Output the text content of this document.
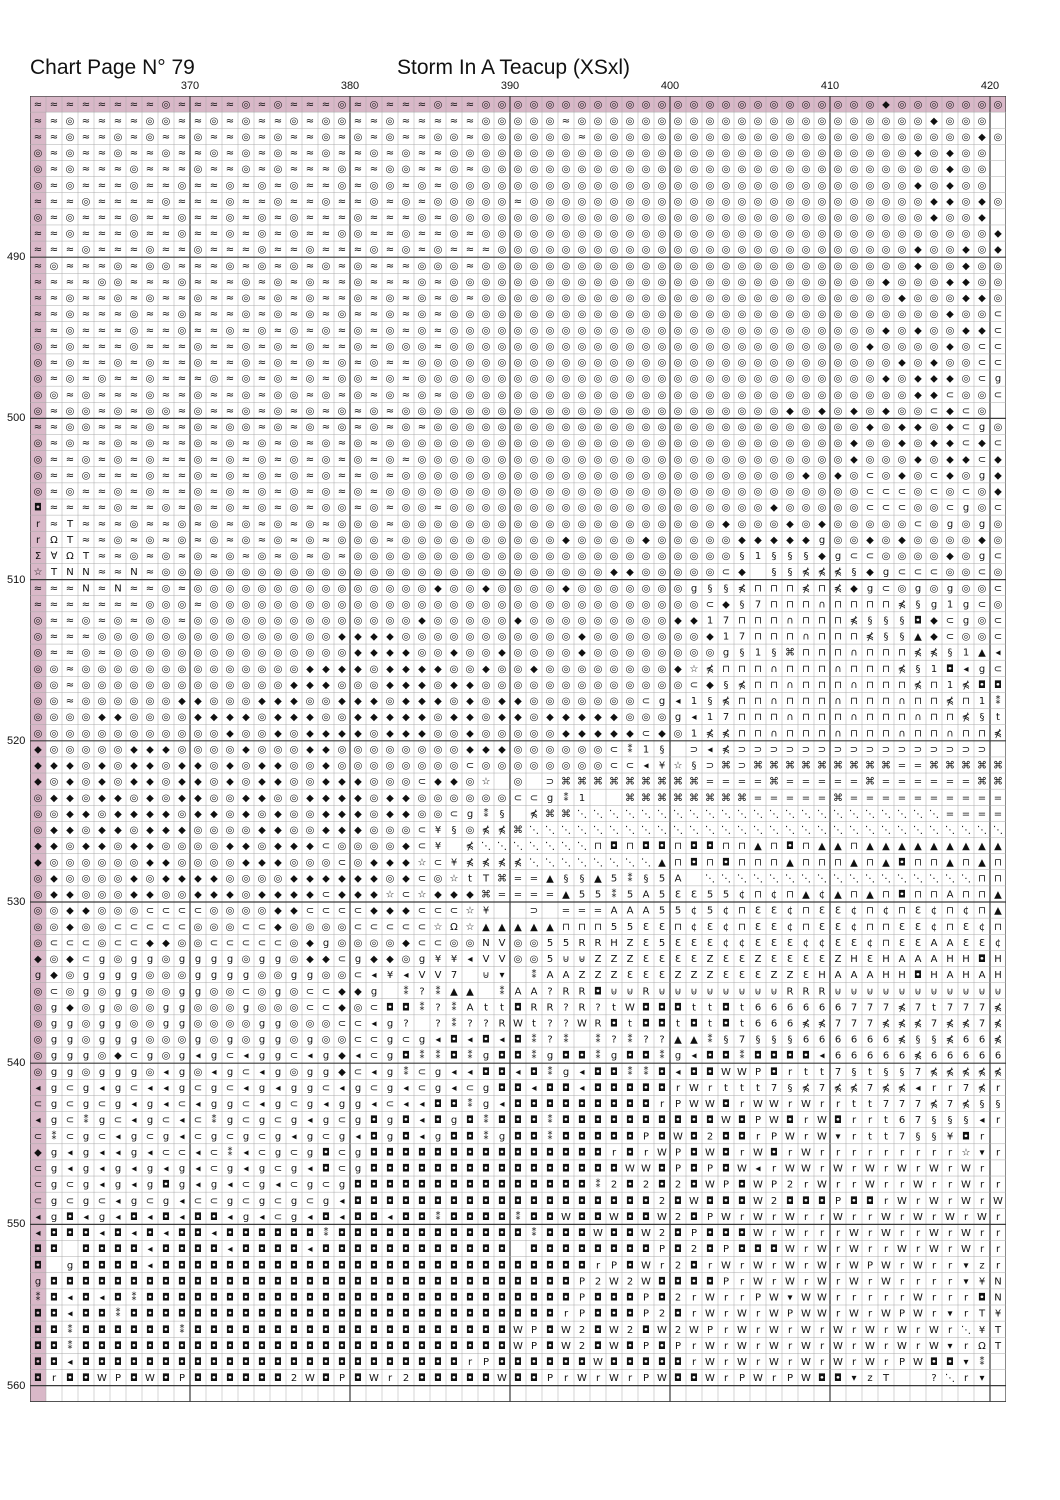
Chart Page N° 79	Storm In A Teacup (XSxl)
370	380	390	400	410	420
490
500
510
520
530
540
550
560
≈ ≈ ≈ ≈ ≈ ≈ ≈ ≈ ◎ ≈ ≈ ≈ ≈ ◎ ≈ ◎ ≈ ≈ ≈ ◎ ≈ ◎ ≈ ≈ ≈ ◎ ≈ ≈ ◎ ◎ ◎ ◎ ◎ ◎ ◎ ◎ ◎ ◎ ◎ ◎ ◎ ◎ ◎ ◎ ◎ ◎ ◎ ◎ ◎ ◎ ◎ ◎ ◎ ◆ ◎ ◎ ◎ ◎ ◎ ◎ ◎
≈ ≈ ◎ ≈ ≈ ≈ ≈ ◎ ◎ ≈ ≈ ◎ ≈ ◎ ≈ ≈ ◎ ≈ ◎ ◎ ≈ ≈ ◎ ≈ ≈ ≈ ≈ ≈ ◎ ◎ ◎ ◎ ◎ ≈ ◎ ◎ ◎ ◎ ◎ ◎ ◎ ◎ ◎ ◎ ◎ ◎ ◎ ◎ ◎ ◎ ◎ ◎ ◎ ◎ ◎ ◎ ◆ ◎ ◎ ◎
≈ ≈ ◎ ≈ ≈ ◎ ≈ ◎ ≈ ≈ ◎ ≈ ≈ ◎ ≈ ◎ ≈ ≈ ◎ ≈ ◎ ≈ ◎ ≈ ≈ ◎ ◎ ≈ ◎ ◎ ◎ ◎ ◎ ◎ ≈ ◎ ◎ ◎ ◎ ◎ ◎ ◎ ◎ ◎ ◎ ◎ ◎ ◎ ◎ ◎ ◎ ◎ ◎ ◎ ◎ ◎ ◎ ◎ ◎ ◆ ◎
◎ ≈ ◎ ≈ ≈ ◎ ≈ ≈ ◎ ≈ ≈ ◎ ≈ ◎ ≈ ◎ ≈ ≈ ◎ ≈ ≈ ◎ ≈ ◎ ≈ ≈ ◎ ◎ ◎ ◎ ◎ ◎ ◎ ◎ ◎ ◎ ◎ ◎ ◎ ◎ ◎ ◎ ◎ ◎ ◎ ◎ ◎ ◎ ◎ ◎ ◎ ◎ ◎ ◎ ◎ ◆ ◎ ◆ ◎ ◎
◎ ≈ ◎ ≈ ≈ ≈ ◎ ≈ ≈ ≈ ◎ ≈ ≈ ◎ ≈ ◎ ≈ ≈ ≈ ◎ ≈ ≈ ◎ ◎ ≈ ≈ ◎ ≈ ◎ ◎ ◎ ◎ ◎ ◎ ◎ ◎ ◎ ◎ ◎ ◎ ◎ ◎ ◎ ◎ ◎ ◎ ◎ ◎ ◎ ◎ ◎ ◎ ◎ ◎ ◎ ◎ ◎ ◆ ◎ ◎
◎ ≈ ◎ ≈ ≈ ≈ ◎ ≈ ≈ ◎ ≈ ≈ ◎ ≈ ◎ ≈ ◎ ≈ ≈ ◎ ≈ ◎ ◎ ≈ ◎ ≈ ◎ ◎ ◎ ◎ ◎ ◎ ◎ ◎ ◎ ◎ ◎ ◎ ◎ ◎ ◎ ◎ ◎ ◎ ◎ ◎ ◎ ◎ ◎ ◎ ◎ ◎ ◎ ◎ ◎ ◆ ◎ ◆ ◎ ◎
≈ ≈ ≈ ◎ ≈ ≈ ≈ ≈ ◎ ≈ ≈ ≈ ◎ ≈ ≈ ◎ ≈ ≈ ◎ ≈ ≈ ◎ ≈ ◎ ≈ ◎ ◎ ◎ ◎ ◎ ≈ ◎ ◎ ◎ ◎ ◎ ◎ ◎ ◎ ◎ ◎ ◎ ◎ ◎ ◎ ◎ ◎ ◎ ◎ ◎ ◎ ◎ ◎ ◎ ◎ ◎ ◆ ◆ ◎ ◆ ◎
◎ ≈ ◎ ≈ ≈ ≈ ◎ ≈ ≈ ◎ ≈ ≈ ◎ ≈ ◎ ≈ ◎ ≈ ≈ ≈ ◎ ≈ ≈ ≈ ◎ ≈ ◎ ◎ ◎ ◎ ◎ ◎ ◎ ◎ ◎ ◎ ◎ ◎ ◎ ◎ ◎ ◎ ◎ ◎ ◎ ◎ ◎ ◎ ◎ ◎ ◎ ◎ ◎ ◎ ◎ ◎ ◆ ◎ ◎ ◆
≈ ≈ ◎ ≈ ≈ ≈ ◎ ≈ ≈ ◎ ≈ ≈ ◎ ≈ ◎ ≈ ◎ ≈ ≈ ◎ ◎ ≈ ≈ ◎ ≈ ≈ ◎ ≈ ◎ ◎ ◎ ◎ ◎ ◎ ◎ ◎ ◎ ◎ ◎ ◎ ◎ ◎ ◎ ◎ ◎ ◎ ◎ ◎ ◎ ◎ ◎ ◎ ◎ ◎ ◎ ◎ ◎ ◎ ◎ ◎ ◆
≈ ≈ ≈ ◎ ≈ ≈ ≈ ◎ ≈ ≈ ◎ ≈ ≈ ≈ ◎ ≈ ≈ ◎ ≈ ≈ ≈ ◎ ≈ ◎ ≈ ◎ ≈ ≈ ≈ ◎ ◎ ◎ ◎ ◎ ◎ ◎ ◎ ◎ ◎ ◎ ◎ ◎ ◎ ◎ ◎ ◎ ◎ ◎ ◎ ◎ ◎ ◎ ◎ ◎ ◎ ◆ ◎ ◎ ◆ ◎ ◆
≈ ◎ ≈ ≈ ≈ ◎ ≈ ◎ ◎ ≈ ≈ ≈ ◎ ≈ ◎ ≈ ◎ ≈ ◎ ≈ ◎ ≈ ≈ ≈ ◎ ◎ ◎ ≈ ◎ ◎ ◎ ◎ ◎ ◎ ◎ ◎ ◎ ◎ ◎ ◎ ◎ ◎ ◎ ◎ ◎ ◎ ◎ ◎ ◎ ◎ ◎ ◎ ◎ ◎ ◎ ◆ ◎ ◎ ◆ ◎ ◎
≈ ≈ ≈ ≈ ◎ ◎ ≈ ≈ ≈ ◎ ≈ ≈ ≈ ◎ ≈ ◎ ≈ ◎ ≈ ≈ ◎ ≈ ≈ ≈ ◎ ≈ ◎ ◎ ◎ ◎ ◎ ◎ ◎ ◎ ◎ ◎ ◎ ◎ ◎ ◎ ◎ ◎ ◎ ◎ ◎ ◎ ◎ ◎ ◎ ◎ ◎ ◎ ◎ ◆ ◎ ◎ ◎ ◆ ◆ ◎ ◎
≈ ≈ ◎ ≈ ≈ ◎ ≈ ◎ ≈ ≈ ◎ ≈ ≈ ◎ ≈ ◎ ≈ ◎ ≈ ≈ ◎ ≈ ◎ ≈ ◎ ≈ ◎ ≈ ◎ ◎ ◎ ◎ ◎ ◎ ◎ ◎ ◎ ◎ ◎ ◎ ◎ ◎ ◎ ◎ ◎ ◎ ◎ ◎ ◎ ◎ ◎ ◎ ◎ ◎ ◆ ◎ ◎ ◎ ◆ ◆ ◎
≈ ≈ ◎ ≈ ≈ ≈ ◎ ≈ ≈ ◎ ≈ ≈ ≈ ◎ ≈ ◎ ≈ ◎ ≈ ◎ ≈ ≈ ◎ ≈ ◎ ≈ ◎ ◎ ◎ ◎ ◎ ◎ ◎ ◎ ◎ ◎ ◎ ◎ ◎ ◎ ◎ ◎ ◎ ◎ ◎ ◎ ◎ ◎ ◎ ◎ ◎ ◎ ◎ ◎ ◎ ◎ ◎ ◆ ◎ ◎ ⊂
≈ ≈ ◎ ≈ ≈ ≈ ◎ ≈ ≈ ◎ ≈ ≈ ◎ ≈ ◎ ≈ ◎ ≈ ◎ ≈ ◎ ≈ ◎ ≈ ◎ ≈ ◎ ◎ ◎ ◎ ◎ ◎ ◎ ◎ ◎ ◎ ◎ ◎ ◎ ◎ ◎ ◎ ◎ ◎ ◎ ◎ ◎ ◎ ◎ ◎ ◎ ◎ ◎ ◆ ◎ ◆ ◎ ◎ ◆ ◆ ⊂
◎ ≈ ◎ ≈ ≈ ≈ ◎ ≈ ≈ ≈ ◎ ≈ ≈ ◎ ≈ ◎ ≈ ◎ ≈ ≈ ◎ ≈ ◎ ◎ ◎ ≈ ◎ ◎ ◎ ◎ ◎ ◎ ◎ ◎ ◎ ◎ ◎ ◎ ◎ ◎ ◎ ◎ ◎ ◎ ◎ ◎ ◎ ◎ ◎ ◎ ◎ ◎ ◆ ◎ ◎ ◎ ◎ ◆ ◎ ⊂ ⊂
◎ ≈ ◎ ≈ ≈ ◎ ≈ ◎ ≈ ≈ ◎ ≈ ≈ ◎ ≈ ◎ ≈ ◎ ≈ ◎ ≈ ◎ ≈ ≈ ◎ ◎ ◎ ◎ ◎ ◎ ◎ ◎ ◎ ◎ ◎ ◎ ◎ ◎ ◎ ◎ ◎ ◎ ◎ ◎ ◎ ◎ ◎ ◎ ◎ ◎ ◎ ◎ ◎ ◎ ◆ ◎ ◆ ◎ ◎ ⊂ ⊂
◎ ≈ ◎ ≈ ◎ ≈ ≈ ◎ ≈ ≈ ≈ ◎ ≈ ◎ ≈ ◎ ≈ ◎ ≈ ◎ ◎ ≈ ◎ ≈ ◎ ◎ ◎ ◎ ◎ ◎ ◎ ◎ ◎ ◎ ◎ ◎ ◎ ◎ ◎ ◎ ◎ ◎ ◎ ◎ ◎ ◎ ◎ ◎ ◎ ◎ ◎ ◎ ◎ ◆ ◎ ◆ ◆ ◆ ◎ ⊂ g
◎ ◎ ≈ ◎ ≈ ≈ ≈ ◎ ≈ ≈ ◎ ≈ ≈ ◎ ≈ ◎ ◎ ≈ ◎ ≈ ◎ ≈ ◎ ≈ ◎ ≈ ◎ ◎ ◎ ◎ ◎ ◎ ◎ ◎ ◎ ◎ ◎ ◎ ◎ ◎ ◎ ◎ ◎ ◎ ◎ ◎ ◎ ◎ ◎ ◎ ◎ ◎ ◎ ◎ ◎ ◆ ◆ ⊂ ◎ ◎ ⊂
◎ ≈ ◎ ◎ ≈ ◎ ≈ ◎ ◎ ≈ ◎ ≈ ≈ ◎ ≈ ◎ ≈ ◎ ≈ ◎ ≈ ◎ ≈ ◎ ◎ ◎ ◎ ◎ ◎ ◎ ◎ ◎ ◎ ◎ ◎ ◎ ◎ ◎ ◎ ◎ ◎ ◎ ◎ ◎ ◎ ◎ ◎ ◆ ◎ ◆ ◎ ◆ ◎ ◆ ◎ ◎ ⊂ ◆ ⊂ ◎
≈ ≈ ◎ ◎ ≈ ≈ ≈ ◎ ≈ ≈ ◎ ≈ ◎ ◎ ≈ ◎ ≈ ◎ ≈ ◎ ≈ ◎ ≈ ◎ ≈ ◎ ◎ ◎ ◎ ◎ ◎ ◎ ◎ ◎ ◎ ◎ ◎ ◎ ◎ ◎ ◎ ◎ ◎ ◎ ◎ ◎ ◎ ◎ ◎ ◎ ◎ ◎ ◆ ◎ ◆ ◆ ◎ ◆ ⊂ g ◎
◎ ≈ ◎ ≈ ≈ ◎ ≈ ◎ ≈ ≈ ◎ ≈ ◎ ≈ ◎ ≈ ◎ ≈ ◎ ≈ ◎ ≈ ◎ ◎ ◎ ◎ ◎ ◎ ◎ ◎ ◎ ◎ ◎ ◎ ◎ ◎ ◎ ◎ ◎ ◎ ◎ ◎ ◎ ◎ ◎ ◎ ◎ ◎ ◎ ◎ ◎ ◆ ◎ ◎ ◆ ◎ ◆ ◆ ⊂ ◆ ⊂
◎ ≈ ≈ ◎ ≈ ◎ ≈ ◎ ≈ ≈ ◎ ≈ ◎ ≈ ◎ ≈ ◎ ≈ ◎ ≈ ◎ ≈ ◎ ≈ ◎ ◎ ◎ ◎ ◎ ◎ ◎ ◎ ◎ ◎ ◎ ◎ ◎ ◎ ◎ ◎ ◎ ◎ ◎ ◎ ◎ ◎ ◎ ◎ ◎ ◎ ◎ ◆ ◎ ◎ ◎ ◆ ◎ ◆ ◆ ⊂ ◆
◎ ≈ ≈ ◎ ≈ ≈ ≈ ◎ ≈ ≈ ◎ ≈ ◎ ≈ ◎ ≈ ◎ ≈ ◎ ≈ ≈ ◎ ≈ ◎ ◎ ◎ ◎ ◎ ◎ ◎ ◎ ◎ ◎ ◎ ◎ ◎ ◎ ◎ ◎ ◎ ◎ ◎ ◎ ◎ ◎ ◎ ◎ ◎ ◆ ◎ ◆ ◎ ⊂ ◎ ◆ ◎ ⊂ ◆ ◎ g ◆
◎ ≈ ◎ ≈ ≈ ◎ ≈ ◎ ≈ ≈ ◎ ≈ ◎ ≈ ◎ ≈ ◎ ≈ ◎ ≈ ◎ ≈ ◎ ◎ ◎ ◎ ◎ ◎ ◎ ◎ ◎ ◎ ◎ ◎ ◎ ◎ ◎ ◎ ◎ ◎ ◎ ◎ ◎ ◎ ◎ ◎ ◎ ◎ ◎ ◎ ◎ ◎ ⊂ ⊂ ⊂ ◎ ⊂ ◎ ⊂ ◎ ◆
◘ ≈ ≈ ≈ ≈ ◎ ≈ ≈ ◎ ≈ ◎ ≈ ◎ ≈ ◎ ≈ ◎ ≈ ◎ ◎ ≈ ◎ ≈ ◎ ◎ ≈ ◎ ◎ ◎ ◎ ◎ ◎ ◎ ◎ ◎ ◎ ◎ ◎ ◎ ◎ ◎ ◎ ◎ ◎ ◎ ◎ ◆ ◎ ◎ ◎ ◎ ◎ ⊂ ⊂ ⊂ ◎ ◎ ⊂ g ◎ ⊂
r ≈ T ≈ ≈ ≈ ◎ ≈ ≈ ◎ ≈ ◎ ≈ ◎ ≈ ◎ ≈ ◎ ≈ ◎ ◎ ◎ ≈ ◎ ◎ ◎ ◎ ◎ ◎ ◎ ◎ ◎ ◎ ◎ ◎ ◎ ◎ ◎ ◎ ◎ ◎ ◎ ◎ ◆ ◎ ◎ ◎ ◆ ◎ ◆ ◎ ◎ ◎ ◎ ◎ ⊂ ◎ g ◎ g ◎
r Ω T ≈ ≈ ◎ ≈ ◎ ≈ ◎ ≈ ◎ ≈ ◎ ≈ ◎ ≈ ◎ ≈ ◎ ◎ ◎ ≈ ◎ ◎ ◎ ◎ ◎ ◎ ◎ ◎ ◎ ◎ ◆ ◎ ◎ ◎ ◎ ◆ ◎ ◎ ◎ ◎ ◎ ◆ ◆ ◆ ◆ ◆ g ◎ ◎ ◆ ◎ ◆ ◎ ◎ ◎ ◎ ◆ ◎
Σ ∀ Ω T ≈ ≈ ◎ ≈ ◎ ≈ ◎ ≈ ◎ ≈ ◎ ≈ ◎ ≈ ◎ ≈ ◎ ◎ ◎ ◎ ◎ ◎ ◎ ◎ ◎ ◎ ◎ ◎ ◎ ◎ ◎ ◎ ◎ ◎ ◎ ◎ ◎ ◎ ◎ ◎ § 1 § § § ◆ g ⊂ ⊂ ◎ ◎ ◎ ◎ ◆ ◎ g ⊂
☆ T N N ≈ ≈ N ≈ ◎ ◎ ◎ ◎ ◎ ◎ ◎ ◎ ◎ ◎ ◎ ◎ ◎ ◎ ◎ ◎ ◎ ◎ ◎ ◎ ◎ ◎ ◎ ◎ ◎ ◎ ◎ ◎ ◆ ◆ ◎ ◎ ◎ ◎ ◎ ⊂ ◆	§ § ⋠ ⋠ ⋠ § ◆ g ⊂ ⊂ ⊂ ◎ ◎ ⊂ ◎
≈ ≈ ≈ N ≈ N ≈ ≈ ◎ ≈ ◎ ◎ ◎ ◎ ◎ ◎ ◎ ◎ ◎ ◎ ◎ ◎ ◎ ◎ ◎ ◆ ◎ ◎ ◆ ◎ ◎ ◎ ◎ ◆ ◎ ◎ ◎ ◎ ◎ ◎ ◎ g § § ⋠ ⊓ ⊓ ⊓ ⋠ ⊓ ⋠ ◆ g ⊂ ◎ g ◎ g ◎ ◎ ⊂
≈ ≈ ≈ ≈ ≈ ≈ ≈ ◎ ◎ ◎ ≈ ◎ ◎ ◎ ◎ ◎ ◎ ◎ ◎ ◎ ◎ ◎ ◎ ◎ ◎ ◎ ◎ ◎ ◎ ◎ ◎ ◎ ◎ ◎ ◎ ◎ ◎ ◎ ◎ ◎ ◎ ◎ ⊂ ◆ § 7 ⊓ ⊓ ⊓ ∩ ⊓ ⊓ ⊓ ⊓ ⋠ § g 1 g ⊂ ◎
◎ ≈ ≈ ◎ ≈ ◎ ≈ ◎ ◎ ≈ ◎ ◎ ◎ ◎ ◎ ◎ ◎ ◎ ◎ ◎ ◎ ◎ ◎ ◎ ◆ ◎ ◎ ◎ ◎ ◎ ◆ ◎ ◎ ◎ ◎ ◎ ◎ ◎ ◎ ◎ ◆ ◆ 1 7 ⊓ ⊓ ⊓ ∩ ⊓ ⊓ ⊓ ⋠ § § § ◘ ◆ ⊂ g ◎ ⊂
◎ ≈ ≈ ≈ ◎ ◎ ◎ ◎ ◎ ◎ ◎ ◎ ◎ ◎ ◎ ◎ ◎ ◎ ◎ ◆ ◆ ◆ ◆ ◎ ◎ ◎ ◎ ◎ ◎ ◎ ◎ ◎ ◎ ◎ ◆ ◎ ◎ ◎ ◎ ◎ ◎ ◎ ◆ 1 7 ⊓ ⊓ ⊓ ∩ ⊓ ⊓ ⊓ ⋠ § § ▲ ◆ ⊂ ◎ ◎ ⊂
◎ ≈ ≈ ◎ ≈ ◎ ◎ ◎ ◎ ◎ ◎ ◎ ◎ ◎ ◎ ◎ ◎ ◎ ◎ ◎ ◆ ◆ ◆ ◆ ◎ ◎ ◆ ◎ ◎ ◆ ◎ ◎ ◎ ◎ ◆ ◎ ◎ ◎ ◎ ◎ ◎ ◎ ◎ g § 1 § ⌘ ⊓ ⊓ ⊓ ∩ ⊓ ⊓ ⊓ ⋠ ⋠ § 1 ▲ ◂
◎ ◎ ≈ ◎ ◎ ◎ ◎ ◎ ◎ ◎ ◎ ◎ ◎ ◎ ◎ ◎ ◎ ◆ ◆ ◆ ◆ ◎ ◆ ◆ ◆ ◆ ◎ ◎ ◆ ◎ ◎ ◆ ◎ ◎ ◎ ◎ ◎ ◎ ◎ ◎ ◆ ☆ ⋠ ⊓ ⊓ ⊓ ∩ ⊓ ⊓ ⊓ ∩ ⊓ ⊓ ⊓ ⋠ § 1 ◘ ◂ g ⊂
◎ ◎ ≈ ◎ ◎ ◎ ◎ ◎ ◎ ◎ ◎ ◎ ◎ ◎ ◎ ◎ ◆ ◆ ◆ ◎ ◎ ◎ ◆ ◆ ◆ ◎ ◆ ◆ ◎ ◎ ◎ ◎ ◎ ◎ ◎ ◎ ◎ ◎ ◎ ◎ ◎ ⊂ ◆ § ⋠ ⊓ ⊓ ∩ ⊓ ⊓ ⊓ ∩ ⊓ ⊓ ⊓ ⋠ ⊓ 1 ⋠ ◘ ◘
◎ ◎ ≈ ◎ ◎ ◎ ◎ ◎ ◎ ◆ ◆ ◎ ◎ ◎ ◆ ◆ ◆ ◎ ◎ ◆ ◆ ◆ ◎ ◆ ◆ ◆ ◎ ◆ ◎ ◆ ◆ ◎ ◎ ◎ ◎ ◎ ◎ ◎ ⊂ g ◂ 1 § ⋠ ⊓ ⊓ ∩ ⊓ ⊓ ⊓ ∩ ⊓ ⊓ ⊓ ∩ ⊓ ⊓ ⋠ ⊓ 1 ⁑
◎ ◎ ◎ ◎ ◆ ◆ ◎ ◎ ◎ ◎ ◆ ◆ ◆ ◆ ◎ ◆ ◆ ◆ ◎ ◎ ◆ ◆ ◆ ◆ ◆ ◎ ◆ ◆ ◎ ◆ ◆ ◎ ◆ ◆ ◆ ◆ ◆ ◎ ◎ ◎ g ◂ 1 7 ⊓ ⊓ ⊓ ∩ ⊓ ⊓ ⊓ ∩ ⊓ ⊓ ⊓ ∩ ⊓ ⊓ ⋠ § t
◎ ◎ ◎ ◎ ◎ ◎ ◎ ◎ ◎ ◎ ◎ ◎ ◆ ◎ ◎ ◆ ◎ ◆ ◆ ◆ ◆ ◎ ◆ ◆ ◆ ◎ ◎ ◆ ◎ ◎ ◎ ◎ ◎ ◆ ◆ ◆ ◆ ◆ ⊂ ◆ ◎ 1 ⋠ ⋠ ⊓ ⊓ ∩ ⊓ ⊓ ⊓ ∩ ⊓ ⊓ ⊓ ∩ ⊓ ⊓ ∩ ⊓ ⊓ ⋠
◆ ◎ ◎ ◎ ◎ ◎ ◆ ◆ ◆ ◎ ◎ ◎ ◎ ◆ ◎ ◎ ◎ ◆ ◆ ◎ ◎ ◎ ◎ ◎ ◎ ◎ ◎ ◆ ◆ ◆ ◎ ◎ ◎ ◎ ◎ ◎ ⊂ ⁑ 1 §	⊃ ◂ ⋠ ⊃ ⊃ ⊃ ⊃ ⊃ ⊃ ⊃ ⊃ ⊃ ⊃ ⊃ ⊃ ⊃ ⊃ ⊃ ⊃
◆ ◆ ◆ ◎ ◆ ◎ ◆ ◆ ◎ ◆ ◆ ◎ ◆ ◎ ◆ ◆ ◎ ◎ ◆ ◎ ◎ ◎ ◎ ◎ ◎ ◎ ◎ ⊂ ◎ ◎ ◎ ◎ ◎ ◎ ◎ ◎ ⊂ ⊂ ◂ ¥ ☆ § ⊃ ⌘ ⊃ ⌘ ⌘ ⌘ ⌘ ⌘ ⌘ ⌘ ⌘ ⌘ = = ⌘ ⌘ ⌘ ⌘ ⌘
◆ ◎ ◆ ◎ ◆ ◎ ◆ ◆ ◎ ◆ ◆ ◎ ◆ ◎ ◆ ◆ ◎ ◎ ◆ ◆ ◆ ◎ ◎ ◎ ⊂ ◆ ◆ ◎ ☆ ◎ ⊃ ⌘ ⌘ ⌘ ⌘ ⌘ ⌘ ⌘ ⌘ ⌘ = = = = ⌘ = = = = = ⌘ = = = = = = ⌘ ⌘
◎ ◆ ◆ ◎ ◆ ◆ ◎ ◆ ◎ ◆ ◆ ◎ ◎ ◆ ◆ ◎ ◎ ◆ ◆ ◆ ◆ ◎ ◆ ◆ ◎ ◎ ◎ ◎ ◎ ◎ ⊂ ⊂ g ⁑ 1	⌘ ⌘ ⌘ ⌘ ⌘ ⌘ ⌘ ⌘ = = = = = ⌘ = = = = = = = = = =
◎ ◎ ◆ ◆ ◎ ◆ ◆ ◆ ◆ ◎ ◆ ◆ ◎ ◆ ◎ ◆ ◎ ◎ ◆ ◆ ◆ ◎ ◆ ◆ ◎ ◎ ⊂ g ⁑ §	⋠ ⌘ ⌘ ⋱ ⋱ ⋱ ⋱ ⋱ ⋱ ⋱ ⋱ ⋱ ⋱ ⋱ ⋱ ⋱ ⋱ ⋱ ⋱ ⋱ ⋱ ⋱ ⋱ ⋱ ⋱ ⋱ = = = =
◎ ◆ ◆ ◎ ◆ ◆ ◎ ◆ ◆ ◆ ◎ ◎ ◎ ◎ ◆ ◆ ◎ ◎ ◆ ◆ ◆ ◎ ◎ ◎ ⊂ ¥ § ◎ ⋠ ⋠ ⌘ ⋱ ⋱ ⋱ ⋱ ⋱ ⋱ ⋱ ⋱ ⋱ ⋱ ⋱ ⋱ ⋱ ⋱ ⋱ ⋱ ⋱ ⋱ ⋱ ⋱ ⋱ ⋱ ⋱ ⋱ ⋱ ⋱ ⋱ ⋱ ⋱ ⋱
◆ ◆ ◎ ◆ ◆ ◎ ◆ ◆ ◎ ◎ ◎ ◎ ◆ ◆ ◎ ◆ ◆ ◆ ⊂ ◎ ◎ ◎ ◎ ◆ ⊂ ¥ ⋠ ⋱ ⋱ ⋱ ⋱ ⋱ ⋱ ⋱ ⊓ ◘ ⊓ ◘ ◘ ⊓ ◘ ◘ ⊓ ⊓ ▲ ⊓ ◘ ⊓ ▲ ▲ ⊓ ▲ ▲ ▲ ▲ ▲ ▲ ▲ ▲ ▲
◆ ◎ ◎ ◎ ◎ ◎ ◎ ◆ ◆ ◎ ◎ ◎ ◎ ◆ ◆ ◆ ◎ ◎ ◎ ⊂ ◎ ◆ ◆ ◆ ☆ ⊂ ¥ ⋠ ⋠ ⋠ ⋠ ⋱ ⋱ ⋱ ⋱ ⋱ ⋱ ⋱ ⋱ ▲ ⊓ ◘ ⊓ ◘ ⊓ ⊓ ⊓ ▲ ⊓ ⊓ ⊓ ▲ ⊓ ▲ ◘ ⊓ ⊓ ▲ ⊓ ▲ ⊓
◎ ◆ ◎ ◎ ◎ ◎ ◆ ◎ ◆ ◆ ◆ ◆ ◎ ◎ ◎ ◎ ◆ ◆ ◆ ◆ ◆ ◆ ◎ ◆ ⊂ ◎ ☆ t T ⌘ = = ▲ § § ▲ 5 ⁑ § 5 A ⋱ ⋱ ⋱ ⋱ ⋱ ⋱ ⋱ ⋱ ⋱ ⋱ ⋱ ⋱ ⋱ ⋱ ⋱ ⋱ ⋱ ⊓ ⊓
◎ ◆ ◆ ◎ ◎ ◎ ◆ ◆ ◎ ◎ ◆ ◆ ◆ ◎ ◆ ◆ ◆ ◆ ⊂ ◆ ◆ ◆ ☆ ⊂ ☆ ◆ ◆ ◆ ⌘ = = = = ▲ 5 5 ⁑ 5 A 5 Ɛ Ɛ 5 5 ¢ ⊓ ¢ ⊓ ▲ ¢ ▲ ⊓ ▲ ⊓ ◘ ⊓ ⊓ A ⊓ ⊓ ▲
◎ ◎ ◆ ◆ ◎ ◎ ◎ ⊂ ⊂ ⊂ ⊂ ◎ ◎ ◎ ◎ ◆ ◆ ⊂ ⊂ ⊂ ⊂ ◆ ◆ ◆ ⊂ ⊂ ⊂ ☆ ¥	⊃ = = = A A A 5 5 ¢ 5 ¢ ⊓ Ɛ Ɛ ¢ ⊓ Ɛ Ɛ ¢ ⊓ ¢ ⊓ Ɛ ¢ ⊓ ¢ ⊓ ▲
◎ ◎ ◆ ◎ ◎ ⊂ ⊂ ⊂ ⊂ ⊂ ◎ ◎ ◎ ⊂ ⊂ ◆ ◎ ◎ ◎ ◎ ⊂ ⊂ ⊂ ⊂ ⊂ ☆ Ω ☆ ▲ ▲ ▲ ▲ ▲ ⊓ ⊓ ⊓ 5 5 Ɛ Ɛ ⊓ ¢ Ɛ ¢ ⊓ Ɛ Ɛ ¢ ⊓ Ɛ Ɛ ¢ ⊓ ⊓ Ɛ Ɛ ¢ ⊓ Ɛ ¢ ⊓
◎ ⊂ ⊂ ⊂ ◎ ⊂ ⊂ ◆ ◆ ◎ ◎ ⊂ ⊂ ⊂ ⊂ ⊂ ◎ ◆ g ◎ ◎ ◎ ◎ ◆ ⊂ ⊂ ◎ ◎ N V ◎ ◎ 5 5 R R H Z Ɛ 5 Ɛ Ɛ Ɛ ¢ ¢ Ɛ Ɛ Ɛ ¢ ¢ Ɛ Ɛ ¢ ⊓ Ɛ Ɛ A A Ɛ Ɛ ¢
◆ ◎ ◆ ⊂ g ◎ g g ◎ g g g g ◎ g g ◎ ◆ ◆ ⊂ g ◆ ◆ ◎ g ¥ ¥ ◂ V V ◎ ◎ 5 ⊍ ⊎ Z Z Z Ɛ Ɛ Ɛ Ɛ Z Ɛ Ɛ Z Ɛ Ɛ Ɛ Ɛ Z H Ɛ H A A A H H ◘ H
g ◆ ◎ g g g g ◎ ◎ ◎ g g g g ◎ ◎ g g ◎ ◎ ⊂ ◂ ¥ ◂ V V 7	⊍ ▾	⁑ A A Z Z Z Ɛ Ɛ Ɛ Z Z Z Ɛ Ɛ Ɛ Z Z Ɛ H A A A H H ◘ H A H A H
◎ ⊂ ◎ g ◎ g g ◎ ◎ g g ◎ ◎ ⊂ ◎ g ◎ ⊂ ⊂ ◆ ◆ g	⁑ ? ⁑ ▲ ▲	⁑ A A ? R R ◘ ⊍ ⊍ R ⊍ ⊍ ⊍ ⊍ ⊍ ⊍ ⊍ ⊍ R R R ⊍ ⊍ ⊍ ⊍ ⊍ ⊍ ⊍ ⊍ ⊍ ⊍ ⊍
◎ g ◆ ◎ g ◎ ◎ ◎ g g ◎ ◎ ◎ g ◎ ◎ ◎ ⊂ ⊂ ◆ ◎ ⊂ ◘ ◘ ⁑ ? ⁑ A t t ◘ R R ? R ? t W ◘ ◘ ◘ t t ◘ t 6 6 6 6 6 6 7 7 7 ⋠ 7 t 7 7 7 ⋠
◎ g g ◎ g g ◎ ◎ g g ◎ ◎ ◎ ◎ g g ◎ ◎ ◎ ⊂ ⊂ ◂ g ?	? ⁑ ? ? R W t ? ? W R ◘ t ◘ ◘ t ◘ t ◘ t 6 6 6 ⋠ ⋠ 7 7 7 ⋠ ⋠ ⋠ 7 ⋠ ⋠ 7 ⋠
◎ g g ◎ g g g ◎ ◎ ◎ g ◎ g ◎ g g ◎ g ◎ ◎ ⊂ ⊂ g ⊂ g ◂ ◘ ◂ ◘ ◂ ◘ ⁑ ? ⁑	⁑ ? ⁑ ? ? ▲ ▲ ⁑ § 7 § § § 6 6 6 6 6 6 ⋠ § § ⋠ 6 6 ⋠
◎ g g g ◎ ◆ ⊂ g ◎ g ◂ g ⊂ ◂ g g ⊂ ◂ g ◆ ◂ ⊂ g ◘ ⁑ ⁑ ◘ ⁑ g ◘ ◘ ⁑ g ◘ ◘ ⁑ g ◘ ◘ ⁑ g ◂ ◘ ◘ ⁑ ◘ ◘ ◘ ◘ ◂ 6 6 6 6 6 ⋠ 6 6 6 6 6
◎ g g ◎ g g g ◎ ◂ g ◎ ◂ g ⊂ ◂ g ◎ g g ◆ ⊂ ◂ g ⁑ ⊂ g ◂ ◂ ◘ ◘ ◂ ◘ ⁑ g ◂ ◘ ◘ ⁑ ⁑ ◘ ◂ ◘ ◘ W W P ◘ r t t 7 § t § § 7 ⋠ ⋠ ⋠ ⋠ ⋠
◂ g ⊂ g ◂ g ⊂ ◂ ◂ g ⊂ g ⊂ ◂ g ◂ g g ⊂ ◂ g ⊂ g ◂ ⊂ g ◂ ⊂ g ◘ ◘ ◂ ◘ ◘ ◂ ◘ ◘ ◘ ◘ ◘ r W r t t t 7 § ⋠ 7 ⋠ ⋠ 7 ⋠ ⋠ ◂ r r 7 ⋠ r
⊂ g ⊂ g ⊂ g ◂ g ◂ ⊂ ◂ g g ⊂ ◂ g ⊂ g ◂ g g ◂ ⊂ ◂ ◂ ◘ ◘ ⁑ g ◂ ◘ ◘ ◘ ◘ ◘ ◘ ◘ ◘ ◘ r P W W ◘ r W W r W r r t t 7 7 7 ⋠ 7 ⋠ § §
◂ g ⊂ ⁑ g ⊂ ◂ g ⊂ ◂ ⊂ ⁑ g ⊂ g ⊂ g ◂ g ⊂ g ◘ g ◘ ◂ ◘ g ◘ ⁑ ◘ ◘ ◘ ⁑ ◘ ◘ ◘ ◘ ◘ ◘ ◘ ◘ ◘ ◘ W ◘ P W ◘ r W ◘ r r t 6 7 § § § ◂ r
⊂ ⁑ ⊂ g ⊂ ◂ g ⊂ g ◂ ⊂ g ⊂ g ⊂ g ◂ g ⊂ g ◂ ◘ g ◘ ◂ g ◘ ◘ ⁑ g ◘ ◘ ⁑ ◘ ◘ ◘ ◘ ◘ P ◘ W ◘ 2 ◘ ◘ r P W r W ▾ r t t 7 § § ¥ ◘ r
◆ g ◂ g ◂ ◂ g ◂ ⊂ ⊂ ◂ ⊂ ⁑ ◂ ⊂ g ⊂ g ◘ ⊂ g ◘ ◘ ◘ ◘ ◘ ◘ ◘ ◘ ◘ ◘ ◘ ◘ ◘ ◘ ◘ r ◘ r W P ◘ W ◘ r W ◘ r W r r r r r r r r r ☆ ▾ r
⊂ g ◂ g ◂ g ◂ g ◂ g ◂ ⊂ g ◂ g ⊂ g ◂ ◘ ⊂ g ◘ ◘ ◘ ◘ ◘ ◘ ◘ ◘ ◘ ◘ ◘ ◘ ◘ ◘ ◘ ◘ W W ◘ P ◘ P ◘ W ◂ r W W r W r W r W r W r W r
⊂ g ⊂ g ◂ g ◂ g ◘ g ◂ g ◂ ⊂ g ◂ ⊂ g ⊂ g ◘ ◘ ◘ ◘ ◘ ◘ ◘ ◘ ◘ ◘ ◘ ◘ ◘ ◘ ◘ ⁑ 2 ◘ 2 ◘ 2 ◘ W P ◘ W P 2 r W r r W r r W r r W r r
⊂ g ⊂ g ⊂ ◂ g ⊂ g ◂ ⊂ ⊂ g ⊂ g ⊂ g ⊂ g ◂ ◘ ◘ ◘ ◘ ◘ ◘ ◘ ◘ ◘ ◘ ◘ ◘ ◘ ◘ ◘ ◘ ◘ ◘ ◘ 2 ◘ W ◘ ◘ ◘ W 2 ◘ ◘ ◘ P ◘ ◘ r W r W r W r W
◂ g ◘ ◂ g ◂ ◘ ◂ ◘ ◂ ◘ ◘ ◂ g ◂ ⊂ g ◂ ◘ ◂ ◘ ◘ ◂ ◘ ◘ ⁑ ◘ ◘ ◘ ◘ ⁑ ◘ ◘ W ◘ ◘ W ◘ ◘ W 2 ◘ P W r W r W r r W r r W r W r W r W r
◂ ◘ ◘ ◘ ◂ ◘ ◂ ◘ ◂ ◘ ◘ ◂ ◘ ◘ ◘ ◘ ◘ ◘ ⁑ ◘ ◘ ◘ ◘ ◘ ◘ ◘ ◘ ◘ ◘ ◘ ◘ ⁑ ◘ ◘ ◘ W ◘ ◘ W 2 ◘ P ◘ ◘ ◘ W r W r r r W r W r r W r W r r
◘ ◘ ◘ ◘ ◘ ◘ ◂ ◘ ◘ ◘ ◘ ◂ ◘ ◘ ◘ ◘ ◂ ◘ ◘ ◘ ◘ ◘ ◘ ◘ ◘ ◘ ◘ ◘ ◘ ◘ ◘ ◘ ◘ ◘ ◘ ◘ ◘ P ◘ 2 ◘ P ◘ ◘ ◘ W r W r W r r W r W r W r r
◘ g ◘ ◘ ◘ ◘ ◂ ◘ ◘ ◘ ◘ ◘ ◘ ◘ ◘ ◘ ◘ ◘ ◘ ◘ ◘ ◘ ◘ ◘ ◘ ◘ ◘ ◘ ◘ ◘ ◘ ◘ ◘ ◘ r P ◘ W r 2 ◘ r W r W r W r W r W P W r W r r ▾ z r
g ◘ ◘ ◘ ◘ ◘ ◘ ◘ ◘ ◘ ◘ ◘ ◘ ◘ ◘ ◘ ◘ ◘ ◘ ◘ ◘ ◘ ◘ ◘ ◘ ◘ ◘ ◘ ◘ ◘ ◘ ◘ ◘ ◘ P 2 W 2 W ◘ ◘ ◘ ◘ P r W r W r W r W r W r r r r ▾ ¥ N
⁑ ◘ ◂ ◘ ◂ ◘ ⁑ ◘ ◘ ◘ ◘ ◘ ◘ ◘ ◘ ◘ ◘ ◘ ◘ ◘ ◘ ◘ ◘ ◘ ◘ ◘ ◘ ◘ ◘ ◘ ◘ ◘ ◘ ◘ P ◘ ◘ ◘ P ◘ 2 r W r r P W ▾ W W r r r r r W r r r ◘ N
◘ ◘ ◂ ◘ ◘ ⁑ ◘ ◘ ◘ ◘ ◘ ◘ ◘ ◘ ◘ ◘ ◘ ◘ ◘ ◘ ◘ ◘ ◘ ◘ ◘ ◘ ◘ ◘ ◘ ◘ ◘ ◘ ◘ r P ◘ ◘ ◘ P 2 ◘ r W r W r W P W W r W r W P W r ▾ r T ¥
◘ ◘ ⁑ ◘ ◘ ◘ ◘ ◘ ◘ ⁑ ◘ ◘ ◘ ◘ ◘ ◘ ◘ ◘ ◘ ◘ ◘ ◘ ◘ ◘ ◘ ◘ ◘ ◘ ◘ ◘ W P ◘ W 2 ◘ W 2 ◘ W 2 W P r W r W r W r W r W r W r W r ⋱ ¥ T
◘ ◘ ⁑ ◘ ◘ ◘ ◘ ◘ ◘ ◘ ◘ ◘ ◘ ◘ ◘ ◘ ◘ ◘ ◘ ◘ ◘ ◘ ◘ ◘ ◘ ◘ ◘ ◘ ◘ ◘ W P ◘ W 2 ◘ W ◘ P ◘ P r W r W r W r W r W r W r W r W ▾ r Ω T
◘ ◘ ◂ ◘ ◘ ◘ ◘ ◘ ◘ ◘ ◘ ◘ ◘ ◘ ◘ ◘ ◘ ◘ ◘ ◘ ◘ ◘ ◘ ◘ ◘ ◘ ◘ r P ◘ ◘ ◘ ◘ ◘ ◘ W ◘ ◘ ◘ ◘ ◘ r W r W r W r W r W r W r P W ◘ ◘ ▾ ⁑
◘ r ◘ ◘ W P ◘ W ◘ P ◘ ◘ ◘ ◘ ◘ ◘ 2 W ◘ P ◘ W r 2 ◘ ◘ ◘ ◘ ◘ W ◘ ◘ P r W r W r P W ◘ ◘ W r P W r P W ◘ ◘ ▾ z T	? ⋱ r ▾
